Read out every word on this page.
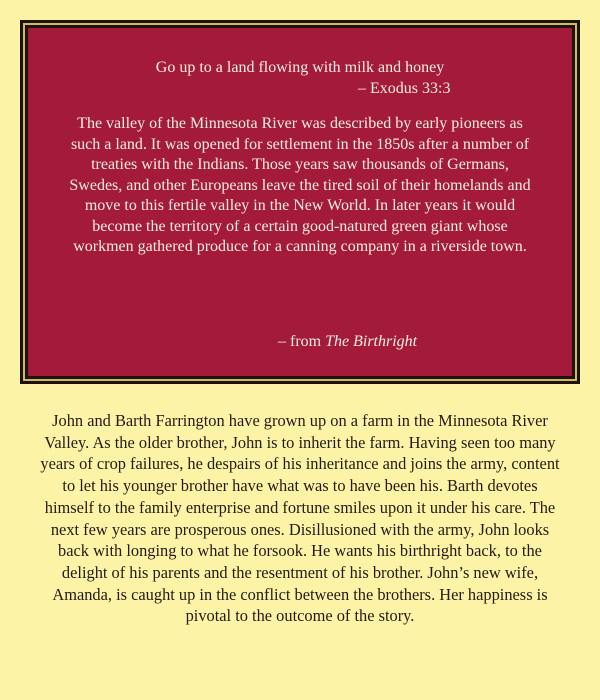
Go up to a land flowing with milk and honey
– Exodus 33:3

The valley of the Minnesota River was described by early pioneers as such a land. It was opened for settlement in the 1850s after a number of treaties with the Indians. Those years saw thousands of Germans, Swedes, and other Europeans leave the tired soil of their homelands and move to this fertile valley in the New World. In later years it would become the territory of a certain good-natured green giant whose workmen gathered produce for a canning company in a riverside town.

– from The Birthright

John and Barth Farrington have grown up on a farm in the Minnesota River Valley. As the older brother, John is to inherit the farm. Having seen too many years of crop failures, he despairs of his inheritance and joins the army, content to let his younger brother have what was to have been his. Barth devotes himself to the family enterprise and fortune smiles upon it under his care. The next few years are prosperous ones. Disillusioned with the army, John looks back with longing to what he forsook. He wants his birthright back, to the delight of his parents and the resentment of his brother. John’s new wife, Amanda, is caught up in the conflict between the brothers. Her happiness is pivotal to the outcome of the story.
